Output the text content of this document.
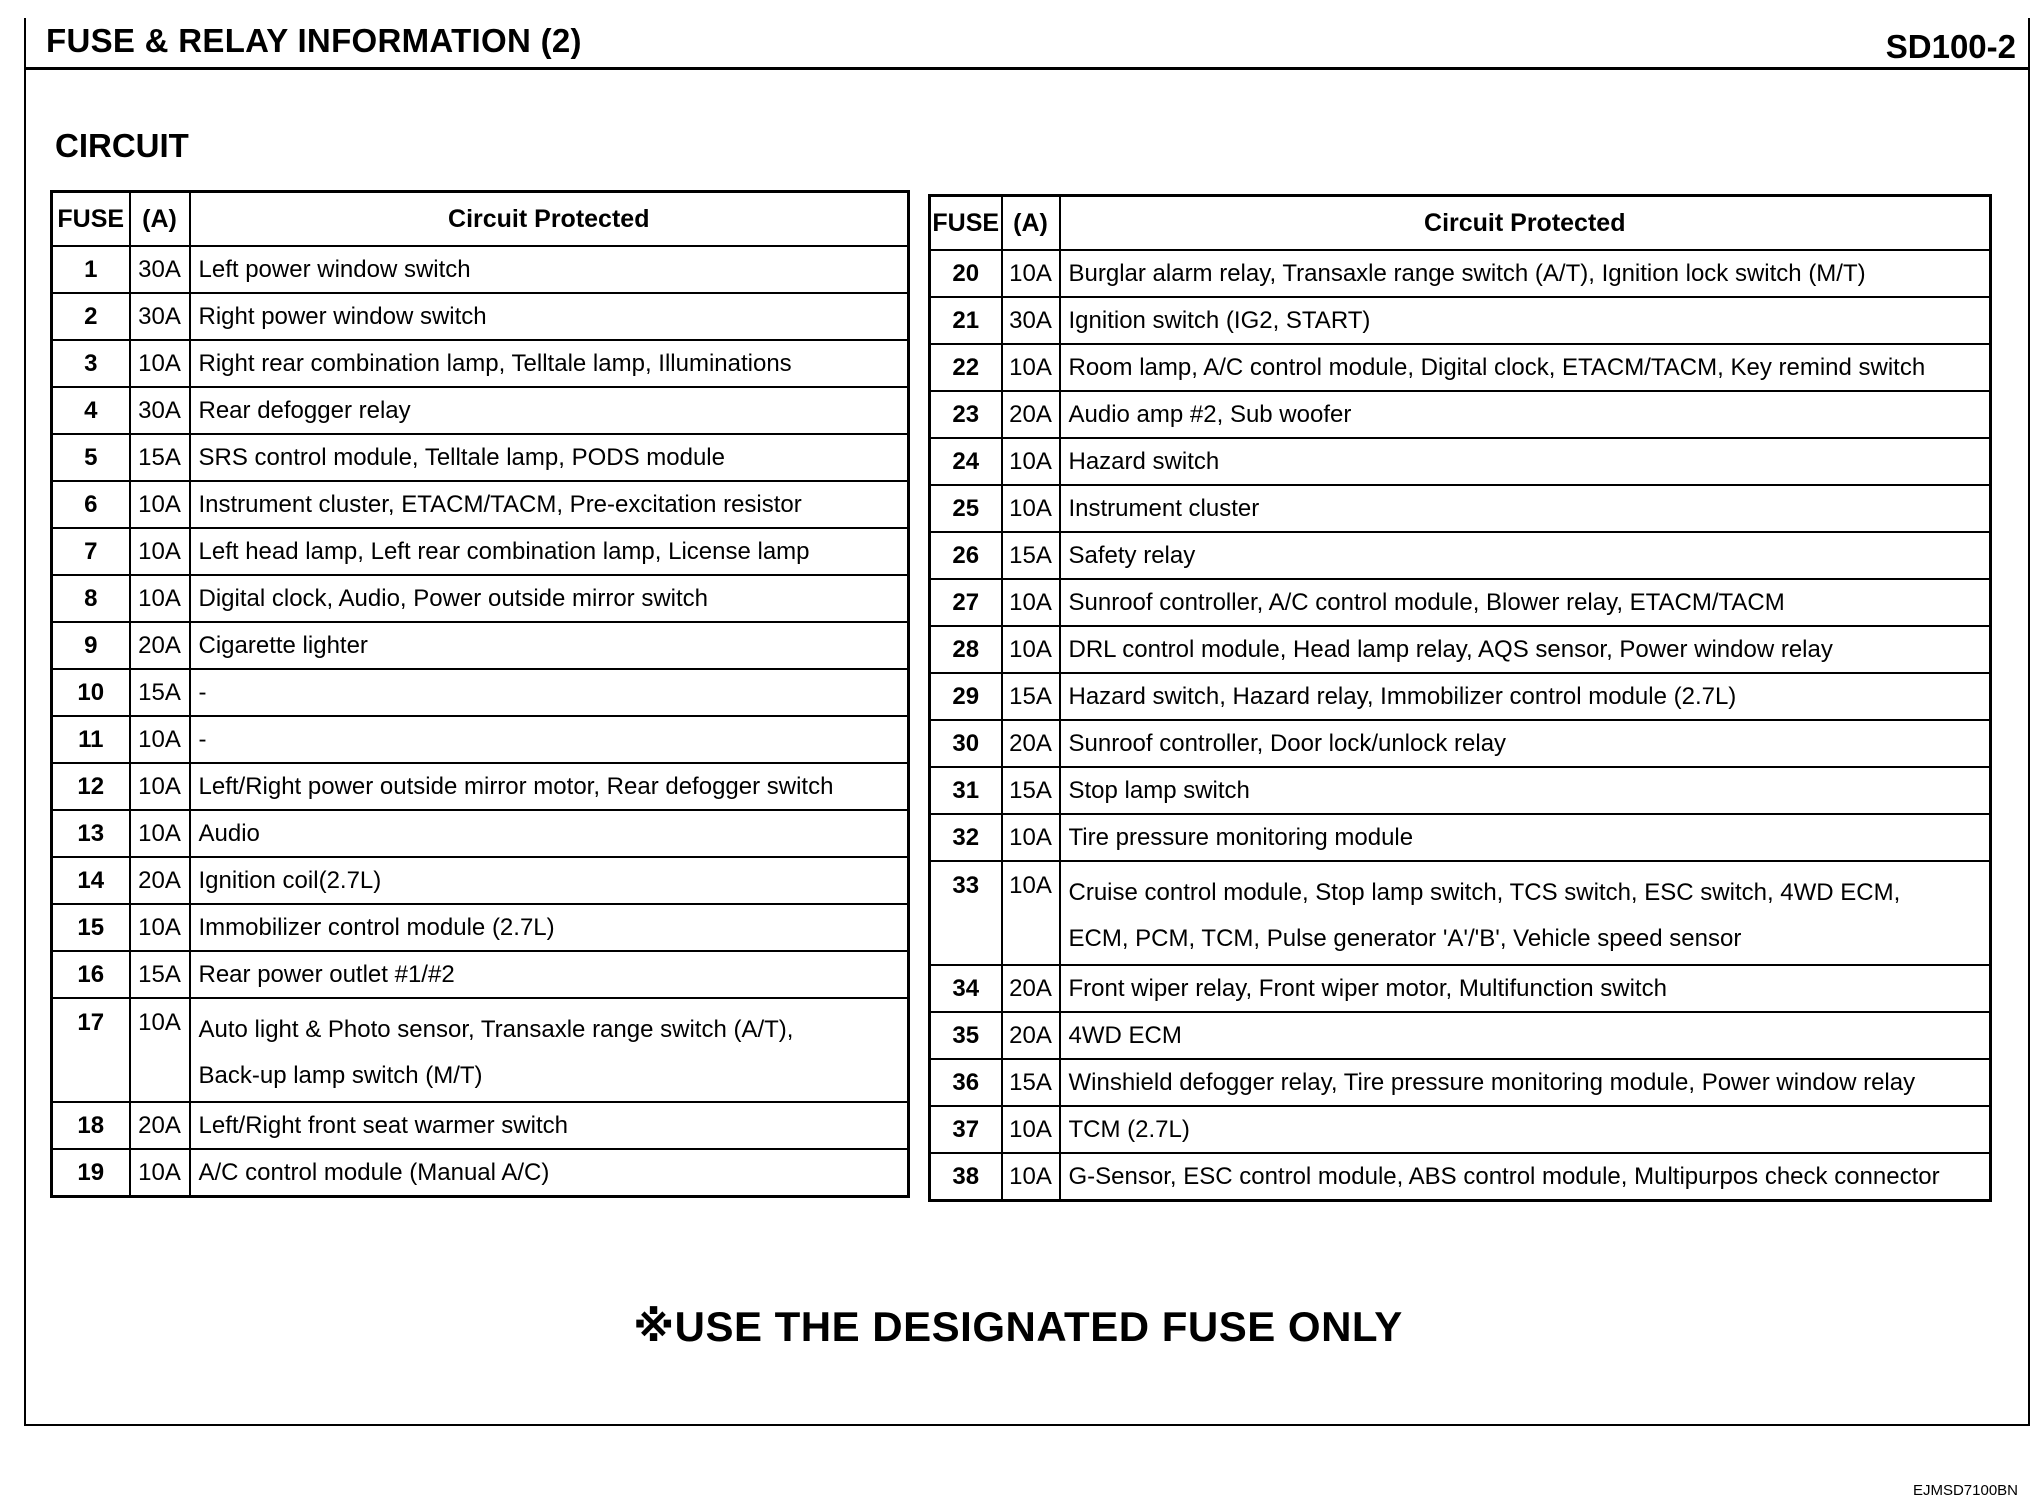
FUSE & RELAY INFORMATION (2)	SD100-2
CIRCUIT
FUSE	(A)	Circuit Protected
1	30A	Left power window switch

2	30A	Right power window switch

3	10A	Right rear combination lamp, Telltale lamp, Illuminations

4	30A	Rear defogger relay

5	15A	SRS control module, Telltale lamp, PODS module

6	10A	Instrument cluster, ETACM/TACM, Pre-excitation resistor

7	10A	Left head lamp, Left rear combination lamp, License lamp

8	10A	Digital clock, Audio, Power outside mirror switch

9	20A	Cigarette lighter

10	15A	-

11	10A	-

12	10A	Left/Right power outside mirror motor, Rear defogger switch

13	10A	Audio

14	20A	Ignition coil(2.7L)

15	10A	Immobilizer control module (2.7L)

16	15A	Rear power outlet #1/#2

17	10A	Auto light & Photo sensor, Transaxle range switch (A/T),
Back-up lamp switch (M/T)

18	20A	Left/Right front seat warmer switch

19	10A	A/C control module (Manual A/C)
FUSE	(A)	Circuit Protected
20	10A	Burglar alarm relay, Transaxle range switch (A/T), Ignition lock switch (M/T)

21	30A	Ignition switch (IG2, START)

22	10A	Room lamp, A/C control module, Digital clock, ETACM/TACM, Key remind switch

23	20A	Audio amp #2, Sub woofer

24	10A	Hazard switch

25	10A	Instrument cluster

26	15A	Safety relay

27	10A	Sunroof controller, A/C control module, Blower relay, ETACM/TACM

28	10A	DRL control module, Head lamp relay, AQS sensor, Power window relay

29	15A	Hazard switch, Hazard relay, Immobilizer control module (2.7L)

30	20A	Sunroof controller, Door lock/unlock relay

31	15A	Stop lamp switch

32	10A	Tire pressure monitoring module

33	10A	Cruise control module, Stop lamp switch, TCS switch, ESC switch, 4WD ECM,
ECM, PCM, TCM, Pulse generator 'A'/'B', Vehicle speed sensor

34	20A	Front wiper relay, Front wiper motor, Multifunction switch

35	20A	4WD ECM

36	15A	Winshield defogger relay, Tire pressure monitoring module, Power window relay

37	10A	TCM (2.7L)

38	10A	G-Sensor, ESC control module, ABS control module, Multipurpos check connector
※USE THE DESIGNATED FUSE ONLY
EJMSD7100BN
